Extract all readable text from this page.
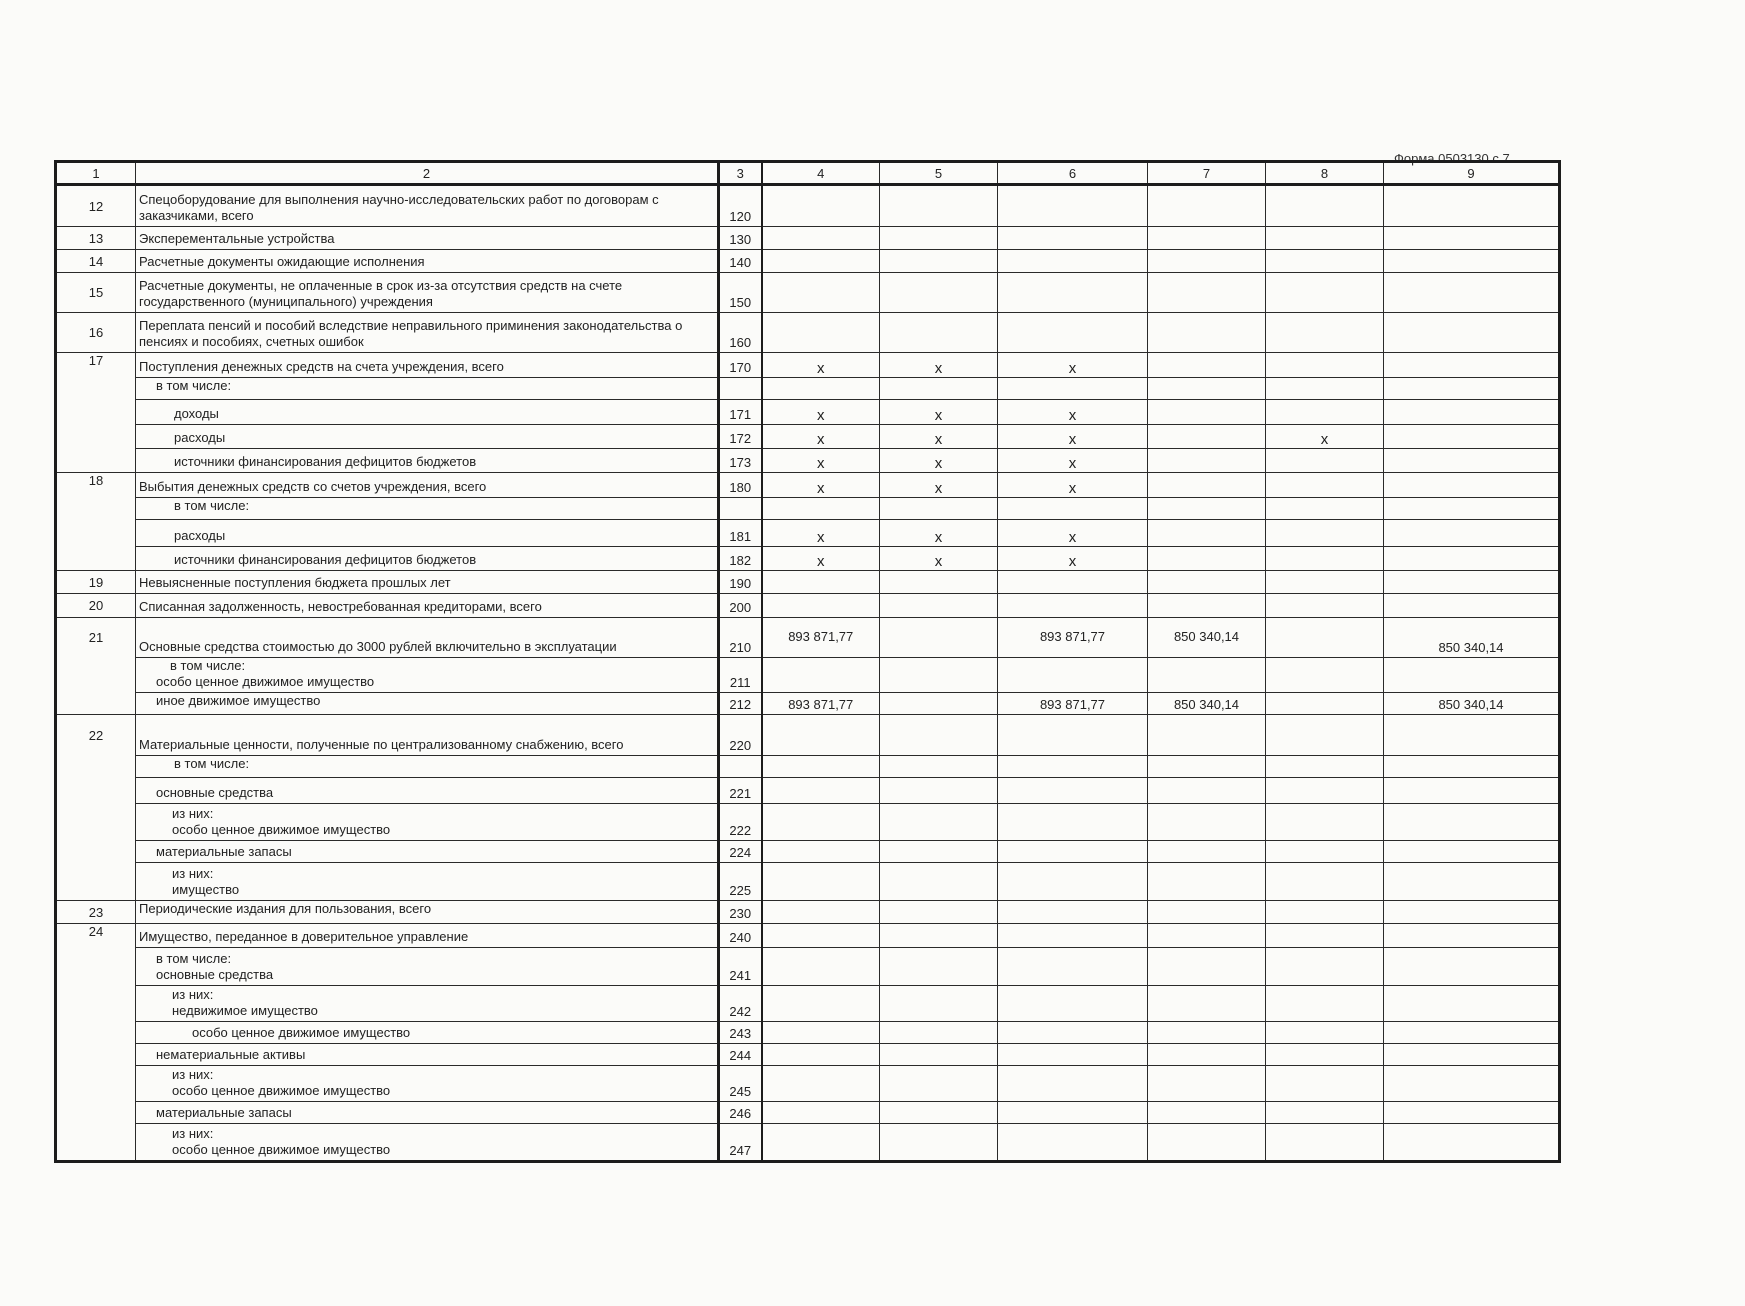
Форма 0503130 с.7
1	2	3	4	5	6	7	8	9
12	Спецоборудование для выполнения научно-исследовательских работ по договорам с заказчиками, всего	120						
13	Эксперементальные устройства	130						
14	Расчетные документы ожидающие исполнения	140						
15	Расчетные документы, не оплаченные в срок из-за отсутствия средств на счете государственного (муниципального) учреждения	150						
16	Переплата пенсий и пособий вследствие неправильного приминения законодательства о пенсиях и пособиях, счетных ошибок	160						
17	Поступления денежных средств на счета учреждения, всего	170	х	х	х			
	в том числе:							
	доходы	171	х	х	х			
	расходы	172	х	х	х		х	
	источники финансирования дефицитов бюджетов	173	х	х	х			
18	Выбытия денежных средств со счетов учреждения, всего	180	х	х	х			
	в том числе:							
	расходы	181	х	х	х			
	источники финансирования дефицитов бюджетов	182	х	х	х			
19	Невыясненные поступления бюджета прошлых лет	190						
20	Списанная задолженность, невостребованная кредиторами, всего	200						
21	Основные средства стоимостью до 3000 рублей включительно в эксплуатации	210	893 871,77		893 871,77	850 340,14		850 340,14

	в том числе:
особо ценное движимое имущество	211						
	иное движимое имущество	212	893 871,77		893 871,77	850 340,14		850 340,14
22	Материальные ценности, полученные по централизованному снабжению, всего	220						
	в том числе:							
	основные средства	221						

	из них:
особо ценное движимое имущество	222						
	материальные запасы	224						

	из них:
имущество	225						
23	Периодические издания для пользования, всего	230						
24	Имущество, переданное в доверительное управление	240						

	в том числе:
основные средства	241						

	из них:
недвижимое имущество	242						
	особо ценное движимое имущество	243						
	нематериальные активы	244						

	из них:
особо ценное движимое имущество	245						
	материальные запасы	246						

	из них:
особо ценное движимое имущество	247						
